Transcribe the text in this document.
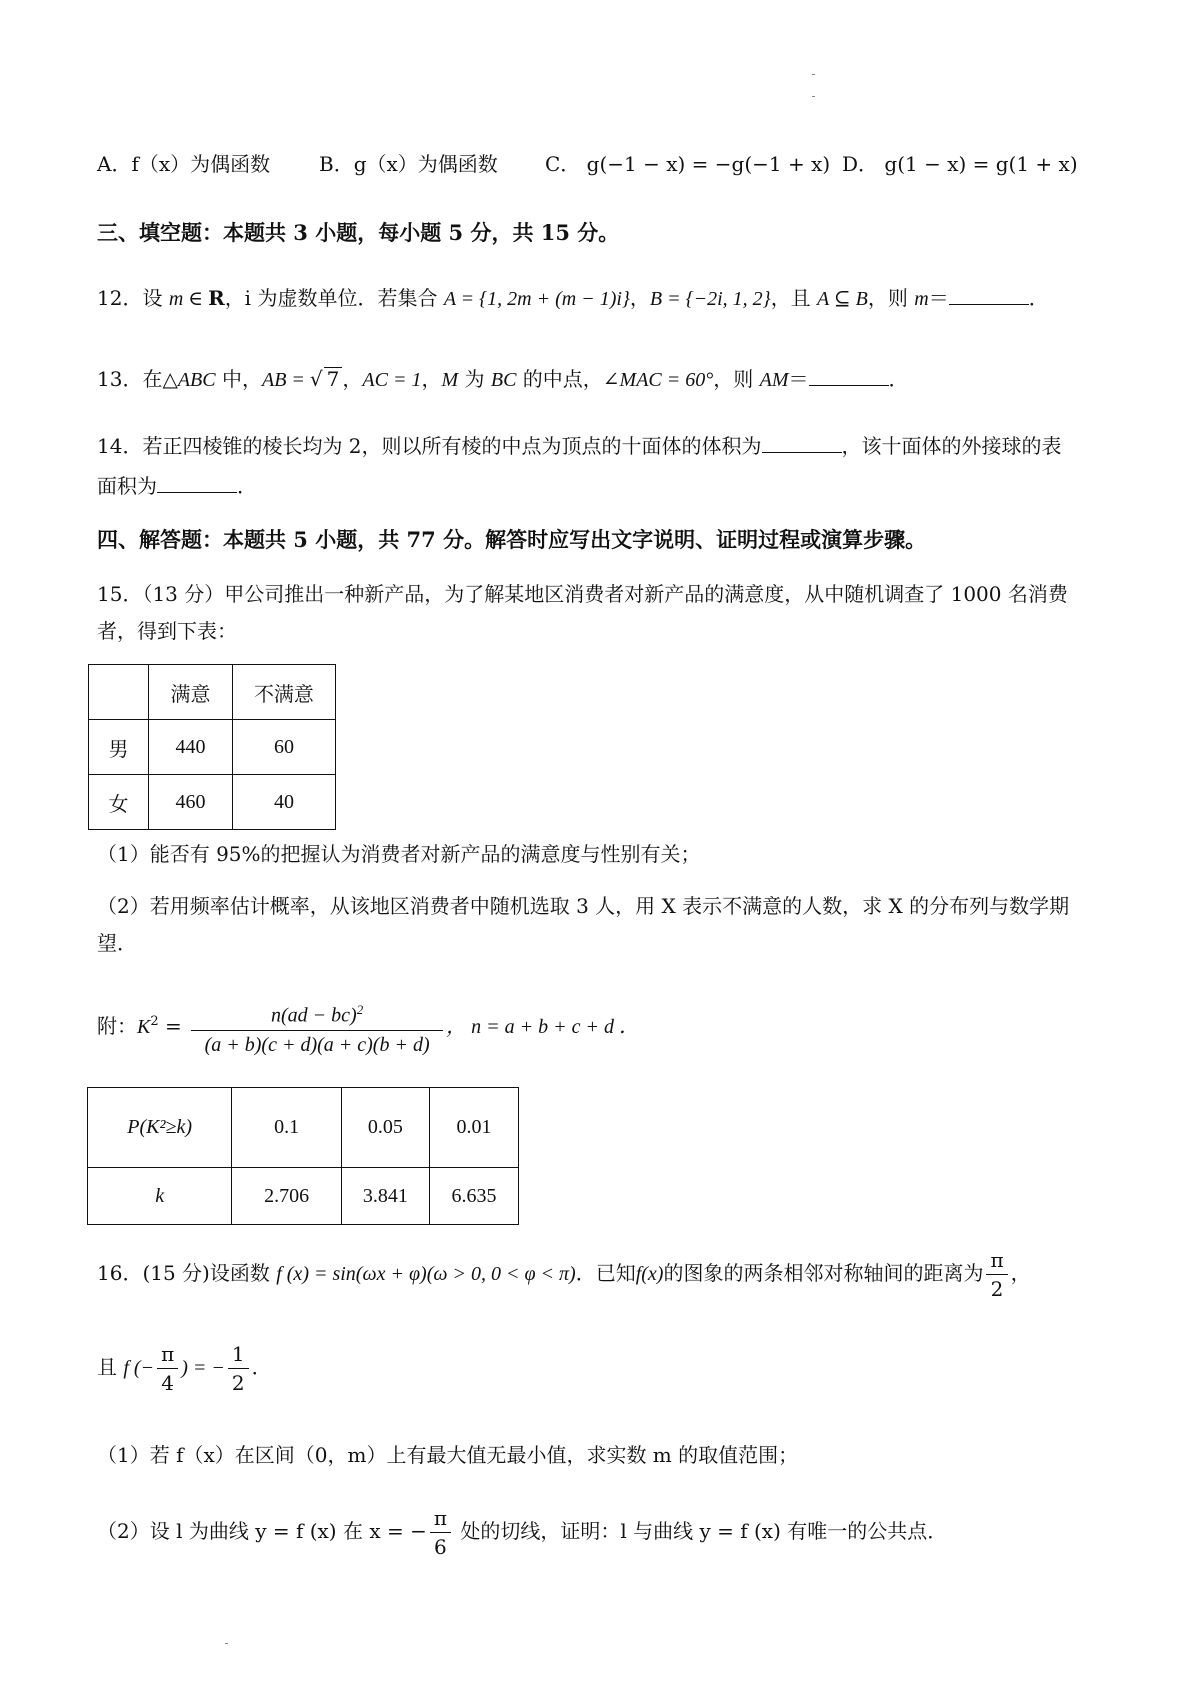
A．f（x）为偶函数 B．g（x）为偶函数 C． g(−1 − x) = −g(−1 + x) D． g(1 − x) = g(1 + x)
三、填空题：本题共 3 小题，每小题 5 分，共 15 分。
12．设 m ∈ R，i 为虚数单位．若集合 A = {1, 2m + (m − 1)i}，B = {−2i, 1, 2}，且 A ⊆ B，则 m＝	．
13．在△ABC 中，AB = √ 7 ，AC = 1，M 为 BC 的中点，∠MAC = 60°，则 AM＝	．
14．若正四棱锥的棱长均为 2，则以所有棱的中点为顶点的十面体的体积为	，该十面体的外接球的表
面积为	．
四、解答题：本题共 5 小题，共 77 分。解答时应写出文字说明、证明过程或演算步骤。
15．（13 分）甲公司推出一种新产品，为了解某地区消费者对新产品的满意度，从中随机调查了 1000 名消费
者，得到下表：
	满意	不满意
男	440	60
女	460	40
（1）能否有 95%的把握认为消费者对新产品的满意度与性别有关；
（2）若用频率估计概率，从该地区消费者中随机选取 3 人，用 X 表示不满意的人数，求 X 的分布列与数学期
望．
附：$K^2 = \frac{n(ad - bc)^2}{(a + b)(c + d)(a + c)(b + d)}$ ， n = a + b + c + d ．
P(K²≥k)	0.1	0.05	0.01
k	2.706	3.841	6.635
16．(15 分)设函数 f (x) = sin(ωx + φ)(ω > 0, 0 < φ < π)．已知f(x)的图象的两条相邻对称轴间的距离为 $\frac{\pi}{2}$ ，
且 f (− $\frac{\pi}{4}$ ) = − $\frac{1}{2}$ ．
（1）若 f（x）在区间（0，m）上有最大值无最小值，求实数 m 的取值范围；
（2）设 l 为曲线 y = f (x) 在 x = − $\frac{\pi}{6}$ 处的切线，证明：l 与曲线 y = f (x) 有唯一的公共点．
